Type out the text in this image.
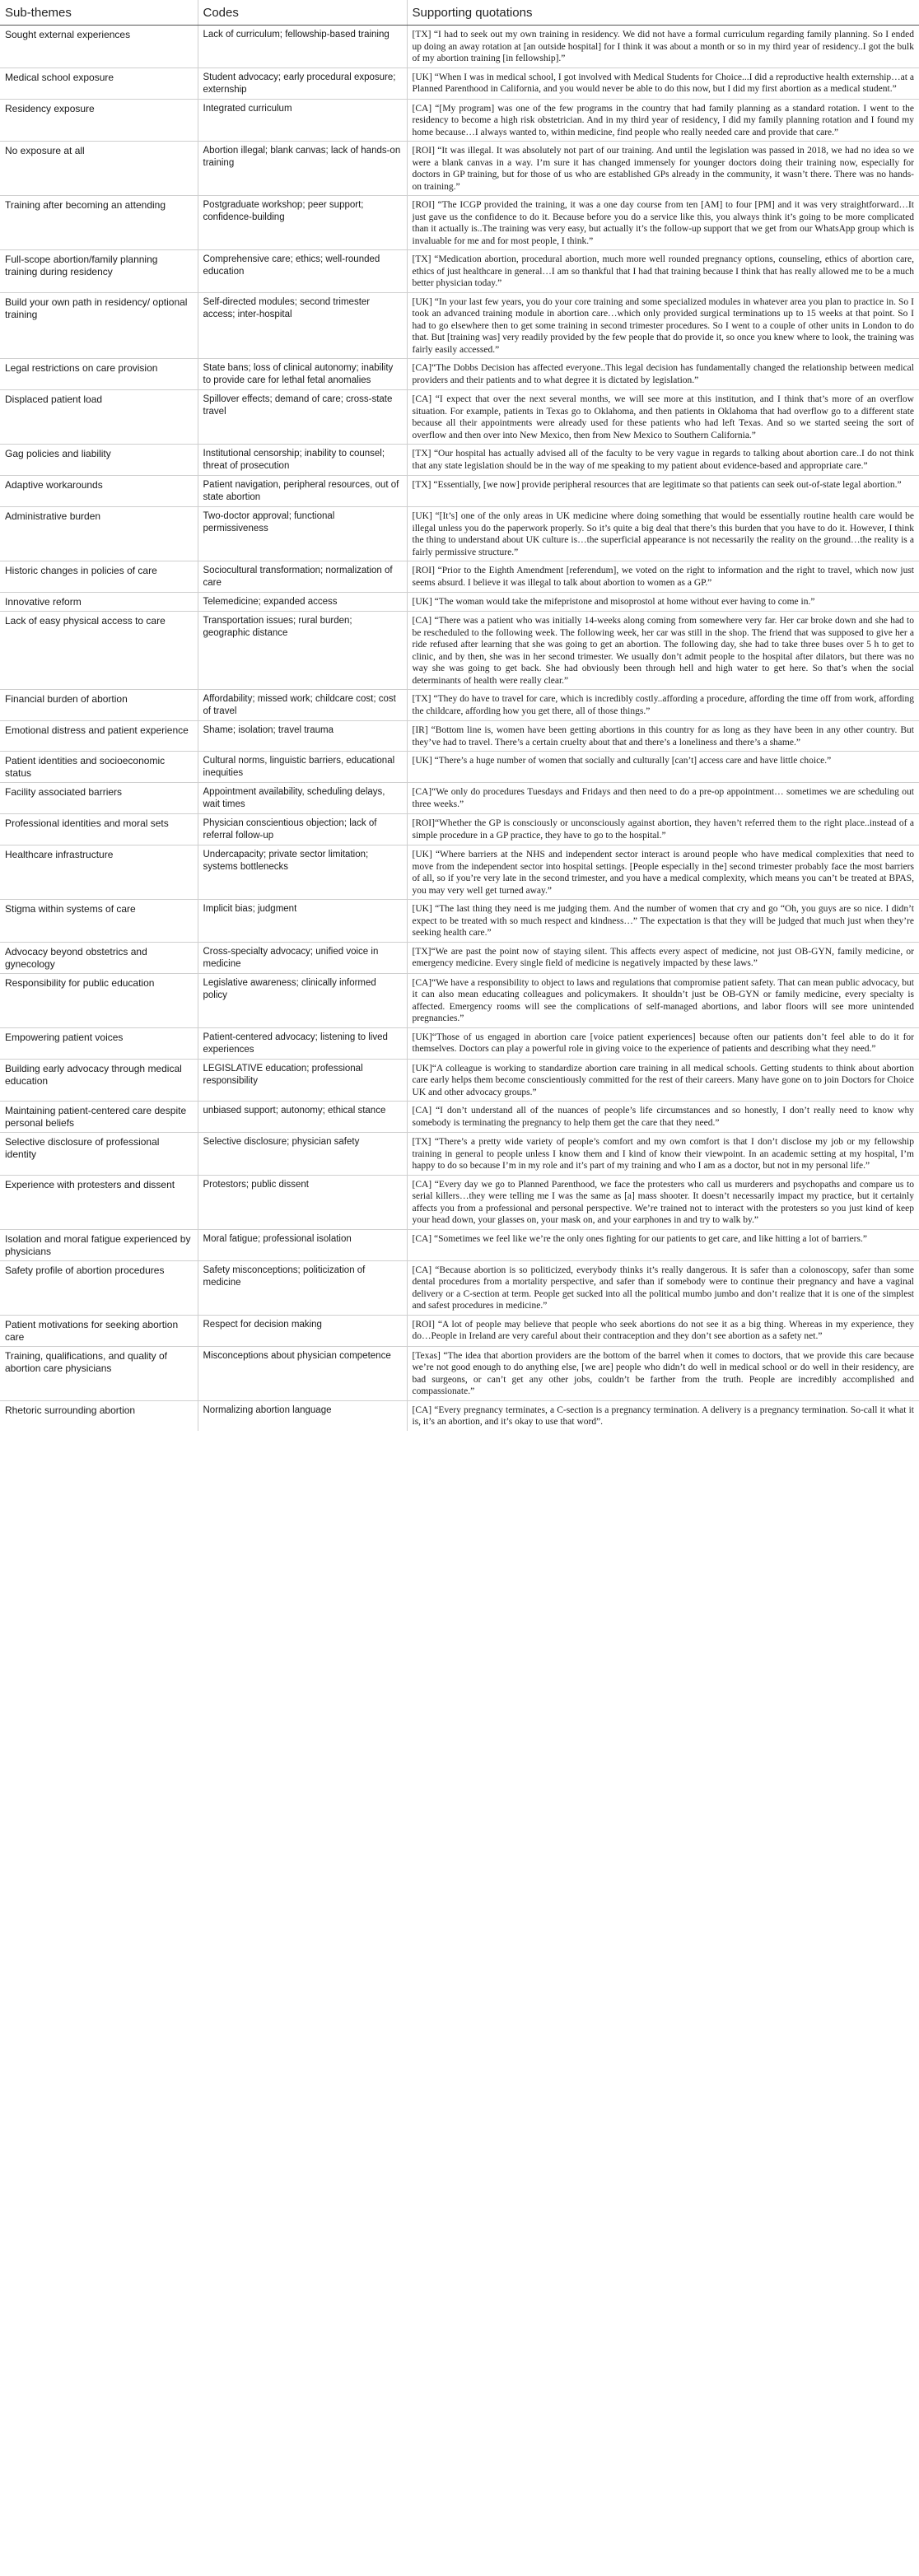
Sub-themes	Codes	Supporting quotations
Sought external experiences	Lack of curriculum; fellowship-based training	[TX] “I had to seek out my own training in residency. We did not have a formal curriculum regarding family planning. So I ended up doing an away rotation at [an outside hospital] for I think it was about a month or so in my third year of residency..I got the bulk of my abortion training [in fellowship].”
Medical school exposure	Student advocacy; early procedural exposure; externship	[UK] “When I was in medical school, I got involved with Medical Students for Choice...I did a reproductive health externship…at a Planned Parenthood in California, and you would never be able to do this now, but I did my first abortion as a medical student.”
Residency exposure	Integrated curriculum	[CA] “[My program] was one of the few programs in the country that had family planning as a standard rotation. I went to the residency to become a high risk obstetrician. And in my third year of residency, I did my family planning rotation and I found my home because…I always wanted to, within medicine, find people who really needed care and provide that care.”
No exposure at all	Abortion illegal; blank canvas; lack of hands-on training	[ROI] “It was illegal. It was absolutely not part of our training. And until the legislation was passed in 2018, we had no idea so we were a blank canvas in a way. I’m sure it has changed immensely for younger doctors doing their training now, especially for doctors in GP training, but for those of us who are established GPs already in the community, it wasn’t there. There was no hands-on training.”
Training after becoming an attending	Postgraduate workshop; peer support; confidence-building	[ROI] “The ICGP provided the training, it was a one day course from ten [AM] to four [PM] and it was very straightforward…It just gave us the confidence to do it. Because before you do a service like this, you always think it’s going to be more complicated than it actually is..The training was very easy, but actually it’s the follow-up support that we get from our WhatsApp group which is invaluable for me and for most people, I think.”
Full-scope abortion/family planning training during residency	Comprehensive care; ethics; well-rounded education	[TX] “Medication abortion, procedural abortion, much more well rounded pregnancy options, counseling, ethics of abortion care, ethics of just healthcare in general…I am so thankful that I had that training because I think that has really allowed me to be a much better physician today.”
Build your own path in residency/ optional training	Self-directed modules; second trimester access; inter-hospital	[UK] “In your last few years, you do your core training and some specialized modules in whatever area you plan to practice in. So I took an advanced training module in abortion care…which only provided surgical terminations up to 15 weeks at that point. So I had to go elsewhere then to get some training in second trimester procedures. So I went to a couple of other units in London to do that. But [training was] very readily provided by the few people that do provide it, so once you knew where to look, the training was fairly easily accessed.”
Legal restrictions on care provision	State bans; loss of clinical autonomy; inability to provide care for lethal fetal anomalies	[CA]“The Dobbs Decision has affected everyone..This legal decision has fundamentally changed the relationship between medical providers and their patients and to what degree it is dictated by legislation.”
Displaced patient load	Spillover effects; demand of care; cross-state travel	[CA] “I expect that over the next several months, we will see more at this institution, and I think that’s more of an overflow situation. For example, patients in Texas go to Oklahoma, and then patients in Oklahoma that had overflow go to a different state because all their appointments were already used for these patients who had left Texas. And so we started seeing the sort of overflow and then over into New Mexico, then from New Mexico to Southern California.”
Gag policies and liability	Institutional censorship; inability to counsel; threat of prosecution	[TX] “Our hospital has actually advised all of the faculty to be very vague in regards to talking about abortion care..I do not think that any state legislation should be in the way of me speaking to my patient about evidence-based and appropriate care.”
Adaptive workarounds	Patient navigation, peripheral resources, out of state abortion	[TX] “Essentially, [we now] provide peripheral resources that are legitimate so that patients can seek out-of-state legal abortion.”
Administrative burden	Two-doctor approval; functional permissiveness	[UK] “[It’s] one of the only areas in UK medicine where doing something that would be essentially routine health care would be illegal unless you do the paperwork properly. So it’s quite a big deal that there’s this burden that you have to do it. However, I think the thing to understand about UK culture is…the superficial appearance is not necessarily the reality on the ground…the reality is a fairly permissive structure.”
Historic changes in policies of care	Sociocultural transformation; normalization of care	[ROI] “Prior to the Eighth Amendment [referendum], we voted on the right to information and the right to travel, which now just seems absurd. I believe it was illegal to talk about abortion to women as a GP.”
Innovative reform	Telemedicine; expanded access	[UK] “The woman would take the mifepristone and misoprostol at home without ever having to come in.”
Lack of easy physical access to care	Transportation issues; rural burden; geographic distance	[CA] “There was a patient who was initially 14-weeks along coming from somewhere very far. Her car broke down and she had to be rescheduled to the following week. The following week, her car was still in the shop. The friend that was supposed to give her a ride refused after learning that she was going to get an abortion. The following day, she had to take three buses over 5 h to get to clinic, and by then, she was in her second trimester. We usually don’t admit people to the hospital after dilators, but there was no way she was going to get back. She had obviously been through hell and high water to get here. So that’s when the social determinants of health were really clear.”
Financial burden of abortion	Affordability; missed work; childcare cost; cost of travel	[TX] “They do have to travel for care, which is incredibly costly..affording a procedure, affording the time off from work, affording the childcare, affording how you get there, all of those things.”
Emotional distress and patient experience	Shame; isolation; travel trauma	[IR] “Bottom line is, women have been getting abortions in this country for as long as they have been in any other country. But they’ve had to travel. There’s a certain cruelty about that and there’s a loneliness and there’s a shame.”
Patient identities and socioeconomic status	Cultural norms, linguistic barriers, educational inequities	[UK] “There’s a huge number of women that socially and culturally [can’t] access care and have little choice.”
Facility associated barriers	Appointment availability, scheduling delays, wait times	[CA]“We only do procedures Tuesdays and Fridays and then need to do a pre-op appointment… sometimes we are scheduling out three weeks.”
Professional identities and moral sets	Physician conscientious objection; lack of referral follow-up	[ROI]“Whether the GP is consciously or unconsciously against abortion, they haven’t referred them to the right place..instead of a simple procedure in a GP practice, they have to go to the hospital.”
Healthcare infrastructure	Undercapacity; private sector limitation; systems bottlenecks	[UK] “Where barriers at the NHS and independent sector interact is around people who have medical complexities that need to move from the independent sector into hospital settings. [People especially in the] second trimester probably face the most barriers of all, so if you’re very late in the second trimester, and you have a medical complexity, which means you can’t be treated at BPAS, you may very well get turned away.”
Stigma within systems of care	Implicit bias; judgment	[UK] “The last thing they need is me judging them. And the number of women that cry and go “Oh, you guys are so nice. I didn’t expect to be treated with so much respect and kindness…” The expectation is that they will be judged that much just when they’re seeking health care.”
Advocacy beyond obstetrics and gynecology	Cross-specialty advocacy; unified voice in medicine	[TX]“We are past the point now of staying silent. This affects every aspect of medicine, not just OB-GYN, family medicine, or emergency medicine. Every single field of medicine is negatively impacted by these laws.”
Responsibility for public education	Legislative awareness; clinically informed policy	[CA]“We have a responsibility to object to laws and regulations that compromise patient safety. That can mean public advocacy, but it can also mean educating colleagues and policymakers. It shouldn’t just be OB-GYN or family medicine, every specialty is affected. Emergency rooms will see the complications of self-managed abortions, and labor floors will see more unintended pregnancies.”
Empowering patient voices	Patient-centered advocacy; listening to lived experiences	[UK]“Those of us engaged in abortion care [voice patient experiences] because often our patients don’t feel able to do it for themselves. Doctors can play a powerful role in giving voice to the experience of patients and describing what they need.”
Building early advocacy through medical education	LEGISLATIVE education; professional responsibility	[UK]“A colleague is working to standardize abortion care training in all medical schools. Getting students to think about abortion care early helps them become conscientiously committed for the rest of their careers. Many have gone on to join Doctors for Choice UK and other advocacy groups.”
Maintaining patient-centered care despite personal beliefs	unbiased support; autonomy; ethical stance	[CA] “I don’t understand all of the nuances of people’s life circumstances and so honestly, I don’t really need to know why somebody is terminating the pregnancy to help them get the care that they need.”
Selective disclosure of professional identity	Selective disclosure; physician safety	[TX] “There’s a pretty wide variety of people’s comfort and my own comfort is that I don’t disclose my job or my fellowship training in general to people unless I know them and I kind of know their viewpoint. In an academic setting at my hospital, I’m happy to do so because I’m in my role and it’s part of my training and who I am as a doctor, but not in my personal life.”
Experience with protesters and dissent	Protestors; public dissent	[CA] “Every day we go to Planned Parenthood, we face the protesters who call us murderers and psychopaths and compare us to serial killers…they were telling me I was the same as [a] mass shooter. It doesn’t necessarily impact my practice, but it certainly affects you from a professional and personal perspective. We’re trained not to interact with the protesters so you just kind of keep your head down, your glasses on, your mask on, and your earphones in and try to walk by.”
Isolation and moral fatigue experienced by physicians	Moral fatigue; professional isolation	[CA] “Sometimes we feel like we’re the only ones fighting for our patients to get care, and like hitting a lot of barriers.”
Safety profile of abortion procedures	Safety misconceptions; politicization of medicine	[CA] “Because abortion is so politicized, everybody thinks it’s really dangerous. It is safer than a colonoscopy, safer than some dental procedures from a mortality perspective, and safer than if somebody were to continue their pregnancy and have a vaginal delivery or a C-section at term. People get sucked into all the political mumbo jumbo and don’t realize that it is one of the simplest and safest procedures in medicine.”
Patient motivations for seeking abortion care	Respect for decision making	[ROI] “A lot of people may believe that people who seek abortions do not see it as a big thing. Whereas in my experience, they do…People in Ireland are very careful about their contraception and they don’t see abortion as a safety net.”
Training, qualifications, and quality of abortion care physicians	Misconceptions about physician competence	[Texas] “The idea that abortion providers are the bottom of the barrel when it comes to doctors, that we provide this care because we’re not good enough to do anything else, [we are] people who didn’t do well in medical school or do well in their residency, are bad surgeons, or can’t get any other jobs, couldn’t be farther from the truth. People are incredibly accomplished and compassionate.”
Rhetoric surrounding abortion	Normalizing abortion language	[CA] “Every pregnancy terminates, a C-section is a pregnancy termination. A delivery is a pregnancy termination. So-call it what it is, it’s an abortion, and it’s okay to use that word”.
